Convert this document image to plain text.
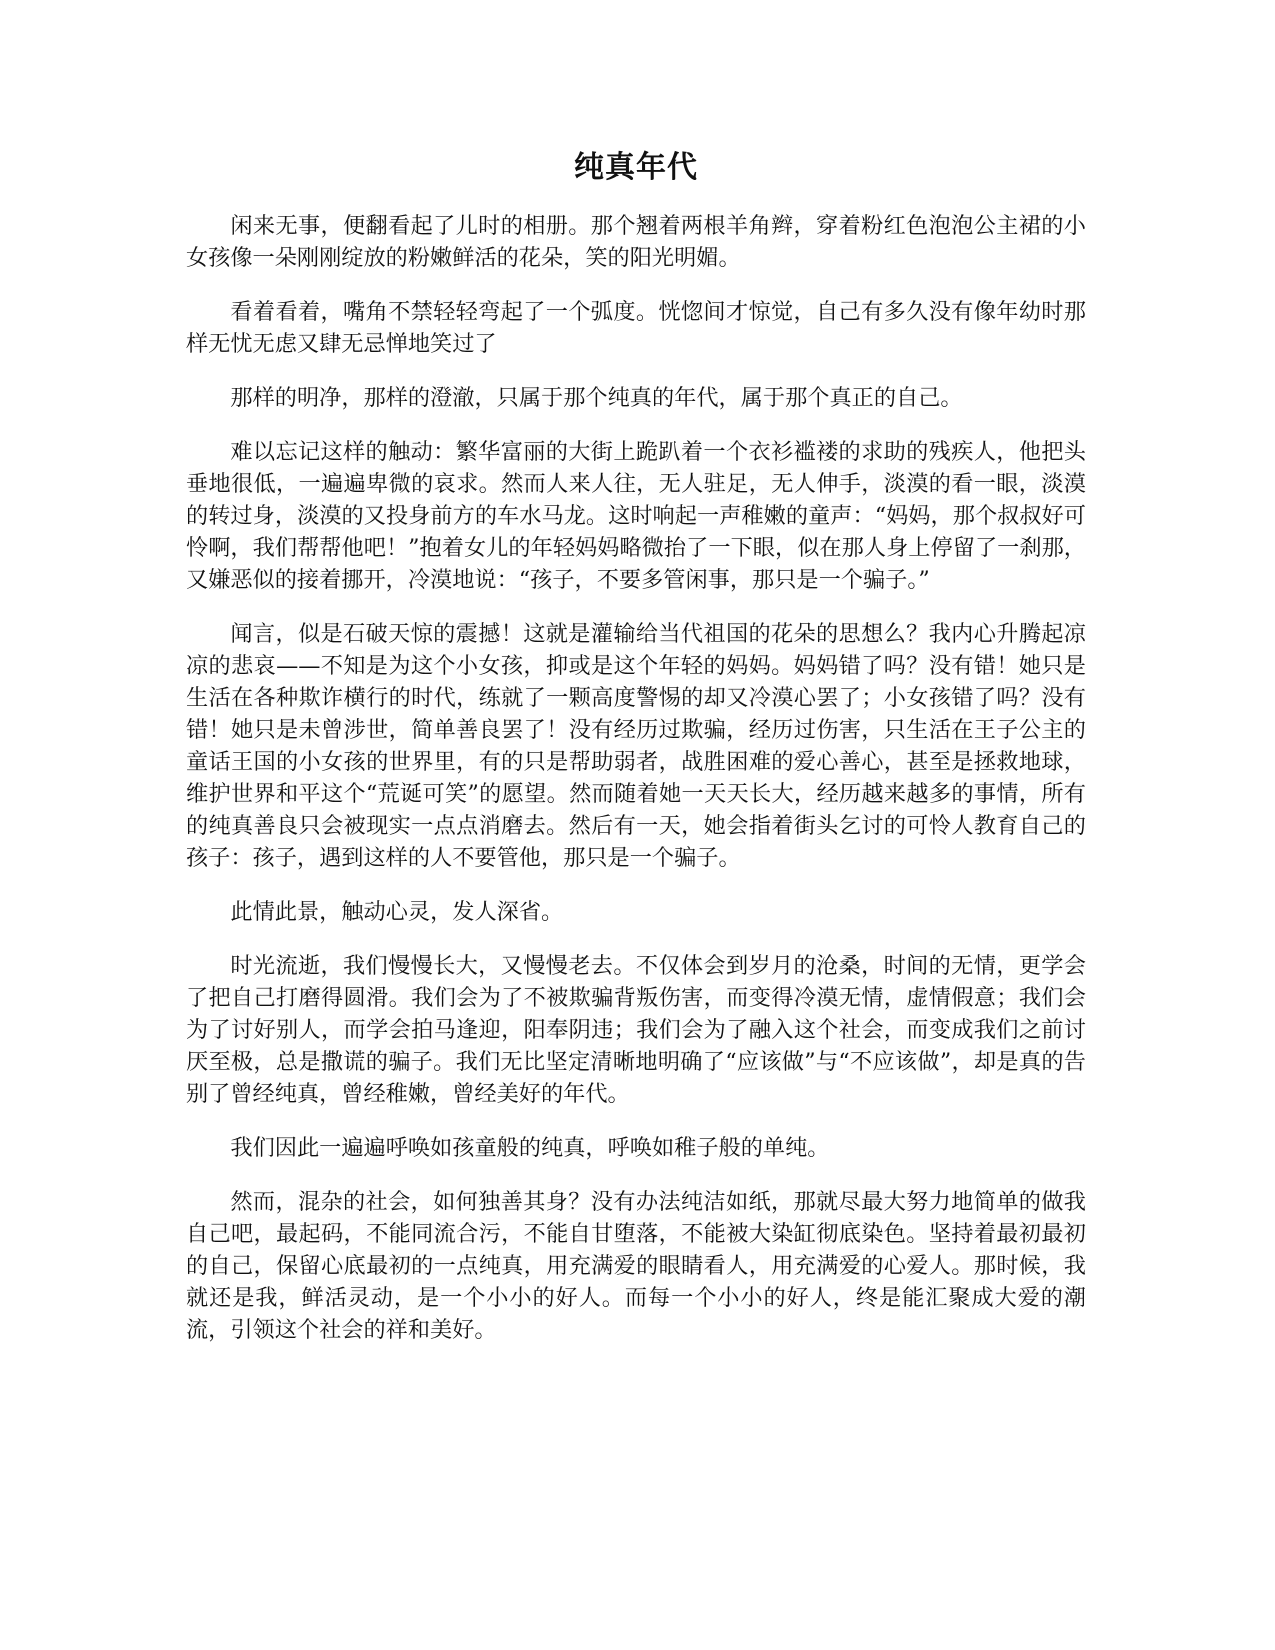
纯真年代

闲来无事，便翻看起了儿时的相册。那个翘着两根羊角辫，穿着粉红色泡泡公主裙的小女孩像一朵刚刚绽放的粉嫩鲜活的花朵，笑的阳光明媚。

看着看着，嘴角不禁轻轻弯起了一个弧度。恍惚间才惊觉，自己有多久没有像年幼时那样无忧无虑又肆无忌惮地笑过了

那样的明净，那样的澄澈，只属于那个纯真的年代，属于那个真正的自己。

难以忘记这样的触动：繁华富丽的大街上跪趴着一个衣衫褴褛的求助的残疾人，他把头垂地很低，一遍遍卑微的哀求。然而人来人往，无人驻足，无人伸手，淡漠的看一眼，淡漠的转过身，淡漠的又投身前方的车水马龙。这时响起一声稚嫩的童声：“妈妈，那个叔叔好可怜啊，我们帮帮他吧！”抱着女儿的年轻妈妈略微抬了一下眼，似在那人身上停留了一刹那，又嫌恶似的接着挪开，冷漠地说：“孩子，不要多管闲事，那只是一个骗子。”

闻言，似是石破天惊的震撼！这就是灌输给当代祖国的花朵的思想么？我内心升腾起凉凉的悲哀——不知是为这个小女孩，抑或是这个年轻的妈妈。妈妈错了吗？没有错！她只是生活在各种欺诈横行的时代，练就了一颗高度警惕的却又冷漠心罢了；小女孩错了吗？没有错！她只是未曾涉世，简单善良罢了！没有经历过欺骗，经历过伤害，只生活在王子公主的童话王国的小女孩的世界里，有的只是帮助弱者，战胜困难的爱心善心，甚至是拯救地球，维护世界和平这个“荒诞可笑”的愿望。然而随着她一天天长大，经历越来越多的事情，所有的纯真善良只会被现实一点点消磨去。然后有一天，她会指着街头乞讨的可怜人教育自己的孩子：孩子，遇到这样的人不要管他，那只是一个骗子。

此情此景，触动心灵，发人深省。

时光流逝，我们慢慢长大，又慢慢老去。不仅体会到岁月的沧桑，时间的无情，更学会了把自己打磨得圆滑。我们会为了不被欺骗背叛伤害，而变得冷漠无情，虚情假意；我们会为了讨好别人，而学会拍马逢迎，阳奉阴违；我们会为了融入这个社会，而变成我们之前讨厌至极，总是撒谎的骗子。我们无比坚定清晰地明确了“应该做”与“不应该做”，却是真的告别了曾经纯真，曾经稚嫩，曾经美好的年代。

我们因此一遍遍呼唤如孩童般的纯真，呼唤如稚子般的单纯。

然而，混杂的社会，如何独善其身？没有办法纯洁如纸，那就尽最大努力地简单的做我自己吧，最起码，不能同流合污，不能自甘堕落，不能被大染缸彻底染色。坚持着最初最初的自己，保留心底最初的一点纯真，用充满爱的眼睛看人，用充满爱的心爱人。那时候，我就还是我，鲜活灵动，是一个小小的好人。而每一个小小的好人，终是能汇聚成大爱的潮流，引领这个社会的祥和美好。
